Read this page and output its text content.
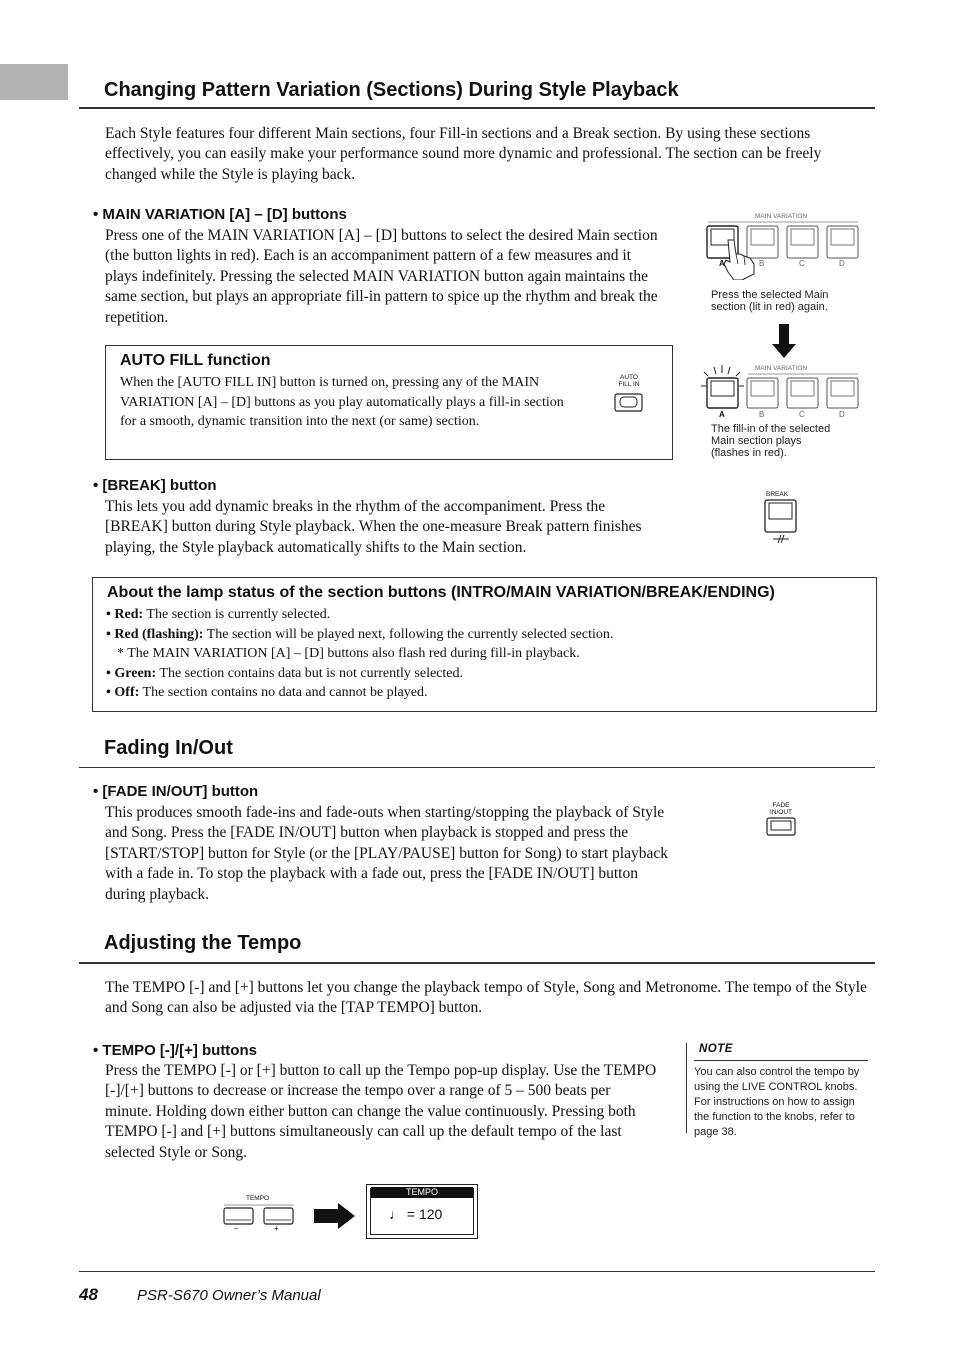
Changing Pattern Variation (Sections) During Style Playback
Each Style features four different Main sections, four Fill-in sections and a Break section. By using these sections effectively, you can easily make your performance sound more dynamic and professional. The section can be freely changed while the Style is playing back.
• MAIN VARIATION [A] – [D] buttons
Press one of the MAIN VARIATION [A] – [D] buttons to select the desired Main section (the button lights in red). Each is an accompaniment pattern of a few measures and it plays indefinitely. Pressing the selected MAIN VARIATION button again maintains the same section, but plays an appropriate fill-in pattern to spice up the rhythm and break the repetition.
AUTO FILL function
When the [AUTO FILL IN] button is turned on, pressing any of the MAIN VARIATION [A] – [D] buttons as you play automatically plays a fill-in section for a smooth, dynamic transition into the next (or same) section.
AUTO
FILL IN
MAIN VARIATION
A	B	C	D
Press the selected Main
section (lit in red) again.
MAIN VARIATION
A	B	C	D
The fill-in of the selected
Main section plays
(flashes in red).
• [BREAK] button
This lets you add dynamic breaks in the rhythm of the accompaniment. Press the [BREAK] button during Style playback. When the one-measure Break pattern finishes playing, the Style playback automatically shifts to the Main section.
BREAK
About the lamp status of the section buttons (INTRO/MAIN VARIATION/BREAK/ENDING)
• Red: The section is currently selected.
• Red (flashing): The section will be played next, following the currently selected section.
* The MAIN VARIATION [A] – [D] buttons also flash red during fill-in playback.
• Green: The section contains data but is not currently selected.
• Off: The section contains no data and cannot be played.
Fading In/Out
• [FADE IN/OUT] button
This produces smooth fade-ins and fade-outs when starting/stopping the playback of Style and Song. Press the [FADE IN/OUT] button when playback is stopped and press the [START/STOP] button for Style (or the [PLAY/PAUSE] button for Song) to start playback with a fade in. To stop the playback with a fade out, press the [FADE IN/OUT] button during playback.
FADE
IN/OUT
Adjusting the Tempo
The TEMPO [-] and [+] buttons let you change the playback tempo of Style, Song and Metronome. The tempo of the Style and Song can also be adjusted via the [TAP TEMPO] button.
• TEMPO [-]/[+] buttons
Press the TEMPO [-] or [+] button to call up the Tempo pop-up display. Use the TEMPO [-]/[+] buttons to decrease or increase the tempo over a range of 5 – 500 beats per minute. Holding down either button can change the value continuously. Pressing both TEMPO [-] and [+] buttons simultaneously can call up the default tempo of the last selected Style or Song.
NOTE
You can also control the tempo by using the LIVE CONTROL knobs. For instructions on how to assign the function to the knobs, refer to page 38.
TEMPO
–	+
TEMPO
♩ = 120
48	PSR-S670 Owner’s Manual
